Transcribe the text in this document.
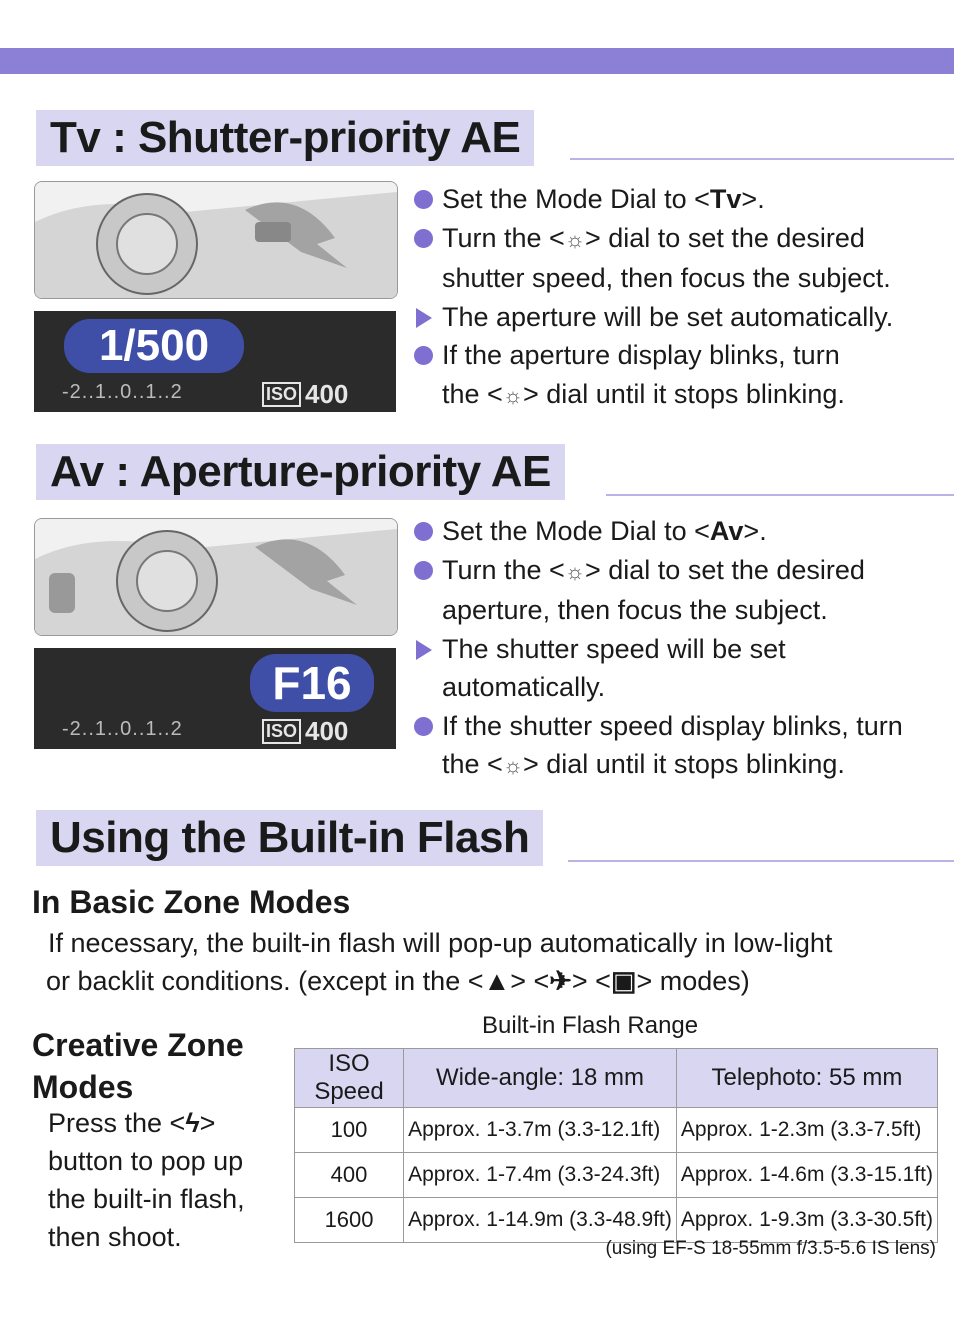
Tv : Shutter-priority AE
1/500
-2..1..0..1..2	ISO 400
Set the Mode Dial to <Tv>.
Turn the <☼> dial to set the desired
shutter speed, then focus the subject.
The aperture will be set automatically.
If the aperture display blinks, turn
the <☼> dial until it stops blinking.
Av : Aperture-priority AE
F16
-2..1..0..1..2	ISO 400
Set the Mode Dial to <Av>.
Turn the <☼> dial to set the desired
aperture, then focus the subject.
The shutter speed will be set
automatically.
If the shutter speed display blinks, turn
the <☼> dial until it stops blinking.
Using the Built-in Flash
In Basic Zone Modes
If necessary, the built-in flash will pop-up automatically in low-light
or backlit conditions. (except in the <▲> <✈> <▣> modes)
Creative Zone
Modes
Press the <ϟ>
button to pop up
the built-in flash,
then shoot.
Built-in Flash Range
ISO Speed	Wide-angle: 18 mm	Telephoto: 55 mm
100	Approx. 1-3.7m (3.3-12.1ft)	Approx. 1-2.3m (3.3-7.5ft)
400	Approx. 1-7.4m (3.3-24.3ft)	Approx. 1-4.6m (3.3-15.1ft)
1600	Approx. 1-14.9m (3.3-48.9ft)	Approx. 1-9.3m (3.3-30.5ft)
(using EF-S 18-55mm f/3.5-5.6 IS lens)
